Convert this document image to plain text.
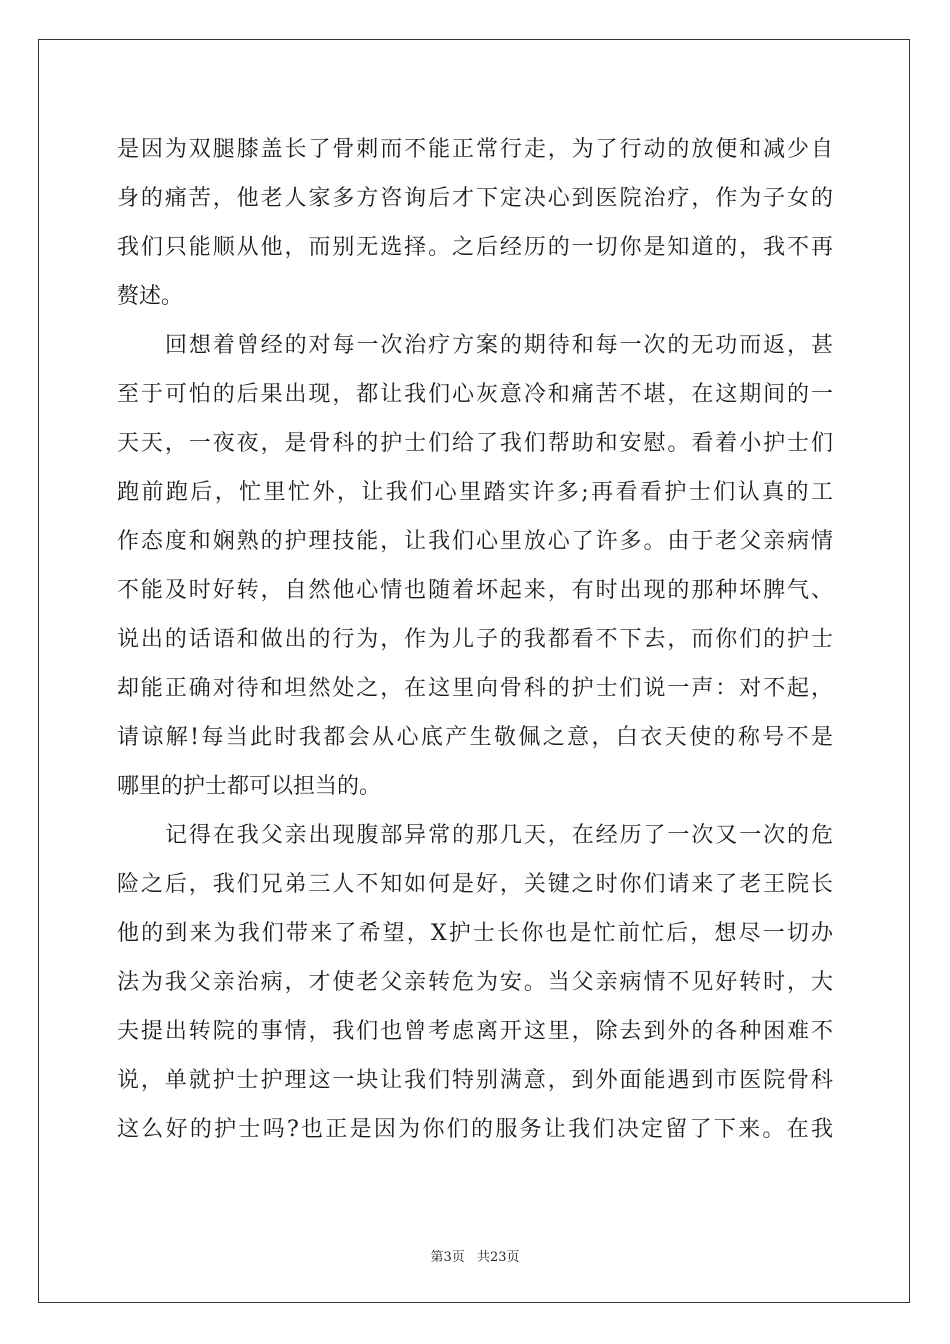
是因为双腿膝盖长了骨刺而不能正常行走，为了行动的放便和减少自
身的痛苦，他老人家多方咨询后才下定决心到医院治疗，作为子女的
我们只能顺从他，而别无选择。之后经历的一切你是知道的，我不再
赘述。
回想着曾经的对每一次治疗方案的期待和每一次的无功而返，甚
至于可怕的后果出现，都让我们心灰意冷和痛苦不堪，在这期间的一
天天，一夜夜，是骨科的护士们给了我们帮助和安慰。看着小护士们
跑前跑后，忙里忙外，让我们心里踏实许多;再看看护士们认真的工
作态度和娴熟的护理技能，让我们心里放心了许多。由于老父亲病情
不能及时好转，自然他心情也随着坏起来，有时出现的那种坏脾气、
说出的话语和做出的行为，作为儿子的我都看不下去，而你们的护士
却能正确对待和坦然处之，在这里向骨科的护士们说一声：对不起，
请谅解!每当此时我都会从心底产生敬佩之意，白衣天使的称号不是
哪里的护士都可以担当的。
记得在我父亲出现腹部异常的那几天，在经历了一次又一次的危
险之后，我们兄弟三人不知如何是好，关键之时你们请来了老王院长
他的到来为我们带来了希望，X护士长你也是忙前忙后，想尽一切办
法为我父亲治病，才使老父亲转危为安。当父亲病情不见好转时，大
夫提出转院的事情，我们也曾考虑离开这里，除去到外的各种困难不
说，单就护士护理这一块让我们特别满意，到外面能遇到市医院骨科
这么好的护士吗?也正是因为你们的服务让我们决定留了下来。在我
第3页 共23页
